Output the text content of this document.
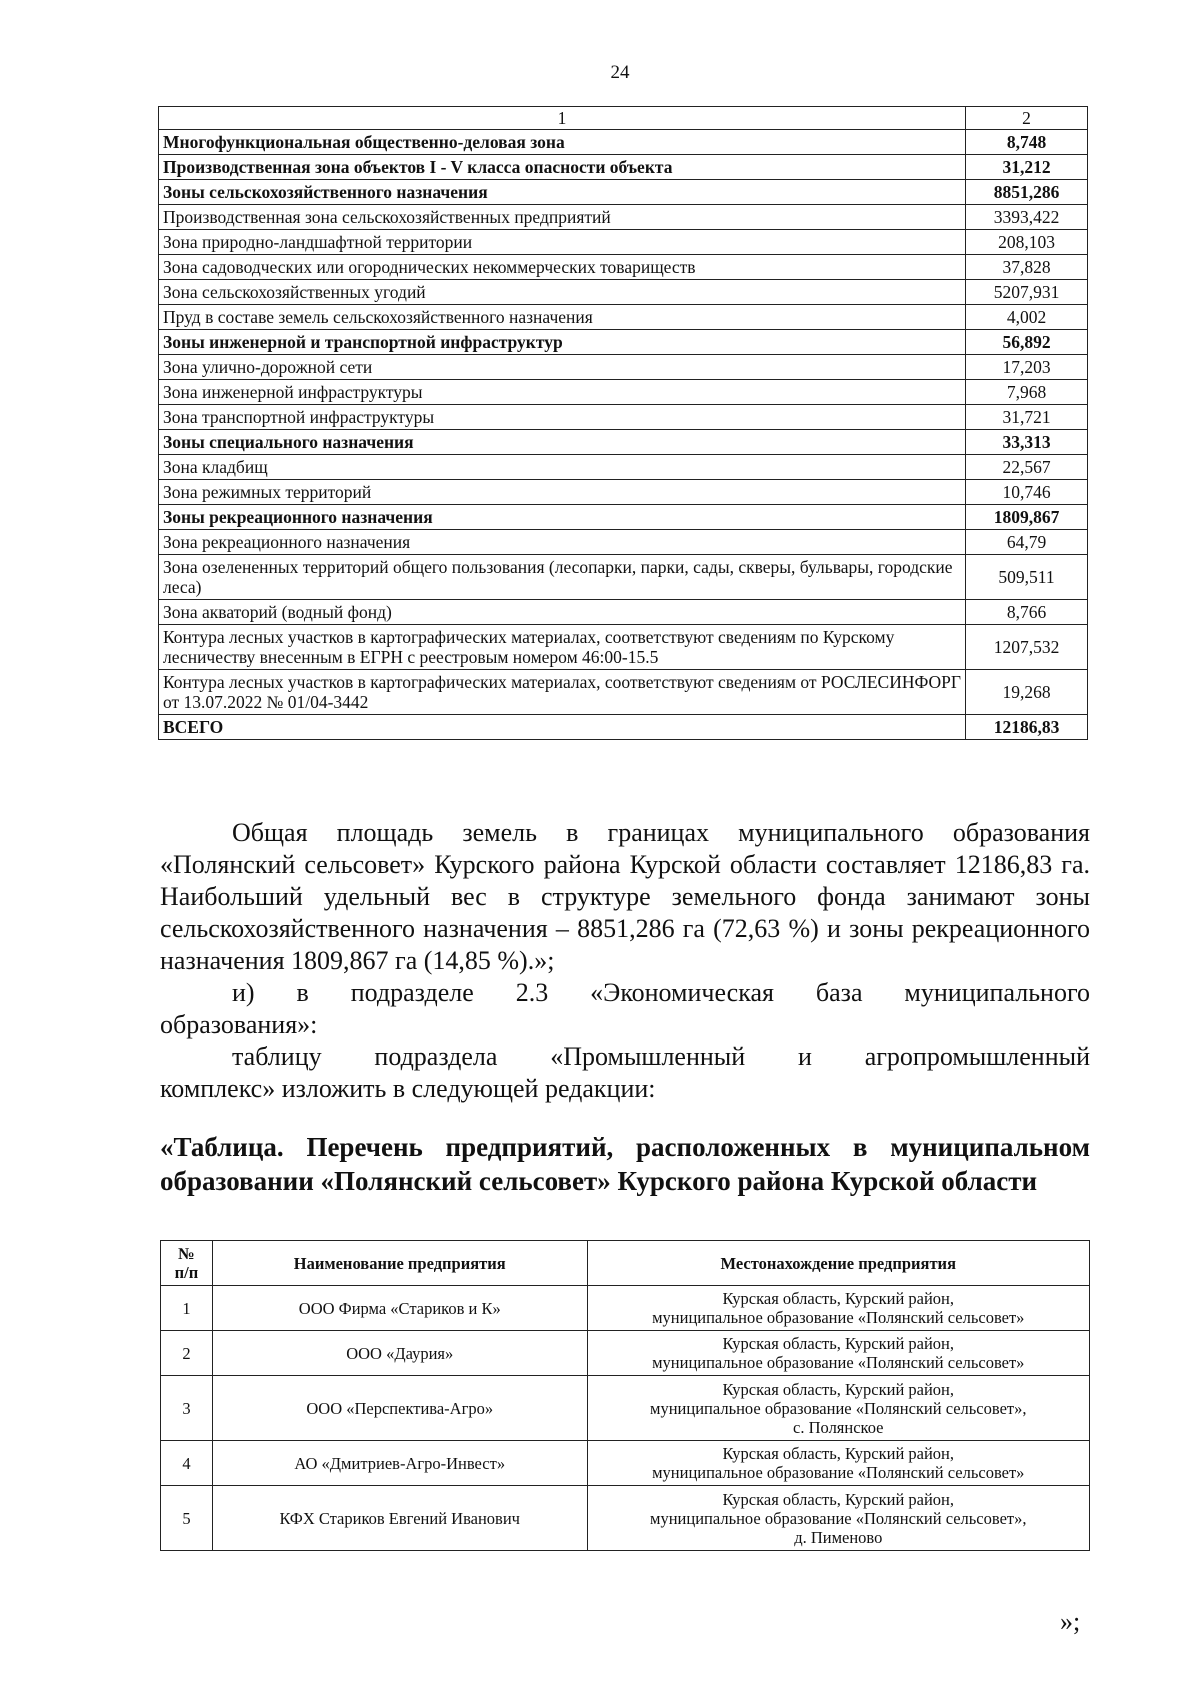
24
1	2
Многофункциональная общественно-деловая зона	8,748
Производственная зона объектов I - V класса опасности объекта	31,212
Зоны сельскохозяйственного назначения	8851,286
Производственная зона сельскохозяйственных предприятий	3393,422
Зона природно-ландшафтной территории	208,103
Зона садоводческих или огороднических некоммерческих товариществ	37,828
Зона сельскохозяйственных угодий	5207,931
Пруд в составе земель сельскохозяйственного назначения	4,002
Зоны инженерной и транспортной инфраструктур	56,892
Зона улично-дорожной сети	17,203
Зона инженерной инфраструктуры	7,968
Зона транспортной инфраструктуры	31,721
Зоны специального назначения	33,313
Зона кладбищ	22,567
Зона режимных территорий	10,746
Зоны рекреационного назначения	1809,867
Зона рекреационного назначения	64,79
Зона озелененных территорий общего пользования (лесопарки, парки, сады, скверы, бульвары, городские леса)	509,511
Зона акваторий (водный фонд)	8,766
Контура лесных участков в картографических материалах, соответствуют сведениям по Курскому лесничеству внесенным в ЕГРН с реестровым номером 46:00-15.5	1207,532
Контура лесных участков в картографических материалах, соответствуют сведениям от РОСЛЕСИНФОРГ от 13.07.2022 № 01/04-3442	19,268
ВСЕГО	12186,83
Общая площадь земель в границах муниципального образования «Полянский сельсовет» Курского района Курской области составляет 12186,83 га. Наибольший удельный вес в структуре земельного фонда занимают зоны сельскохозяйственного назначения – 8851,286 га (72,63 %) и зоны рекреационного назначения 1809,867 га (14,85 %).»;
и) в подразделе 2.3 «Экономическая база муниципального
образования»:
таблицу подраздела «Промышленный и агропромышленный
комплекс» изложить в следующей редакции:
«Таблица. Перечень предприятий, расположенных в муниципальном
образовании «Полянский сельсовет» Курского района Курской области
№
п/п	Наименование предприятия	Местонахождение предприятия
1	ООО Фирма «Стариков и К»	Курская область, Курский район,
муниципальное образование «Полянский сельсовет»
2	ООО «Даурия»	Курская область, Курский район,
муниципальное образование «Полянский сельсовет»
3	ООО «Перспектива-Агро»	Курская область, Курский район,
муниципальное образование «Полянский сельсовет»,
с. Полянское
4	АО «Дмитриев-Агро-Инвест»	Курская область, Курский район,
муниципальное образование «Полянский сельсовет»
5	КФХ Стариков Евгений Иванович	Курская область, Курский район,
муниципальное образование «Полянский сельсовет»,
д. Пименово
»;
